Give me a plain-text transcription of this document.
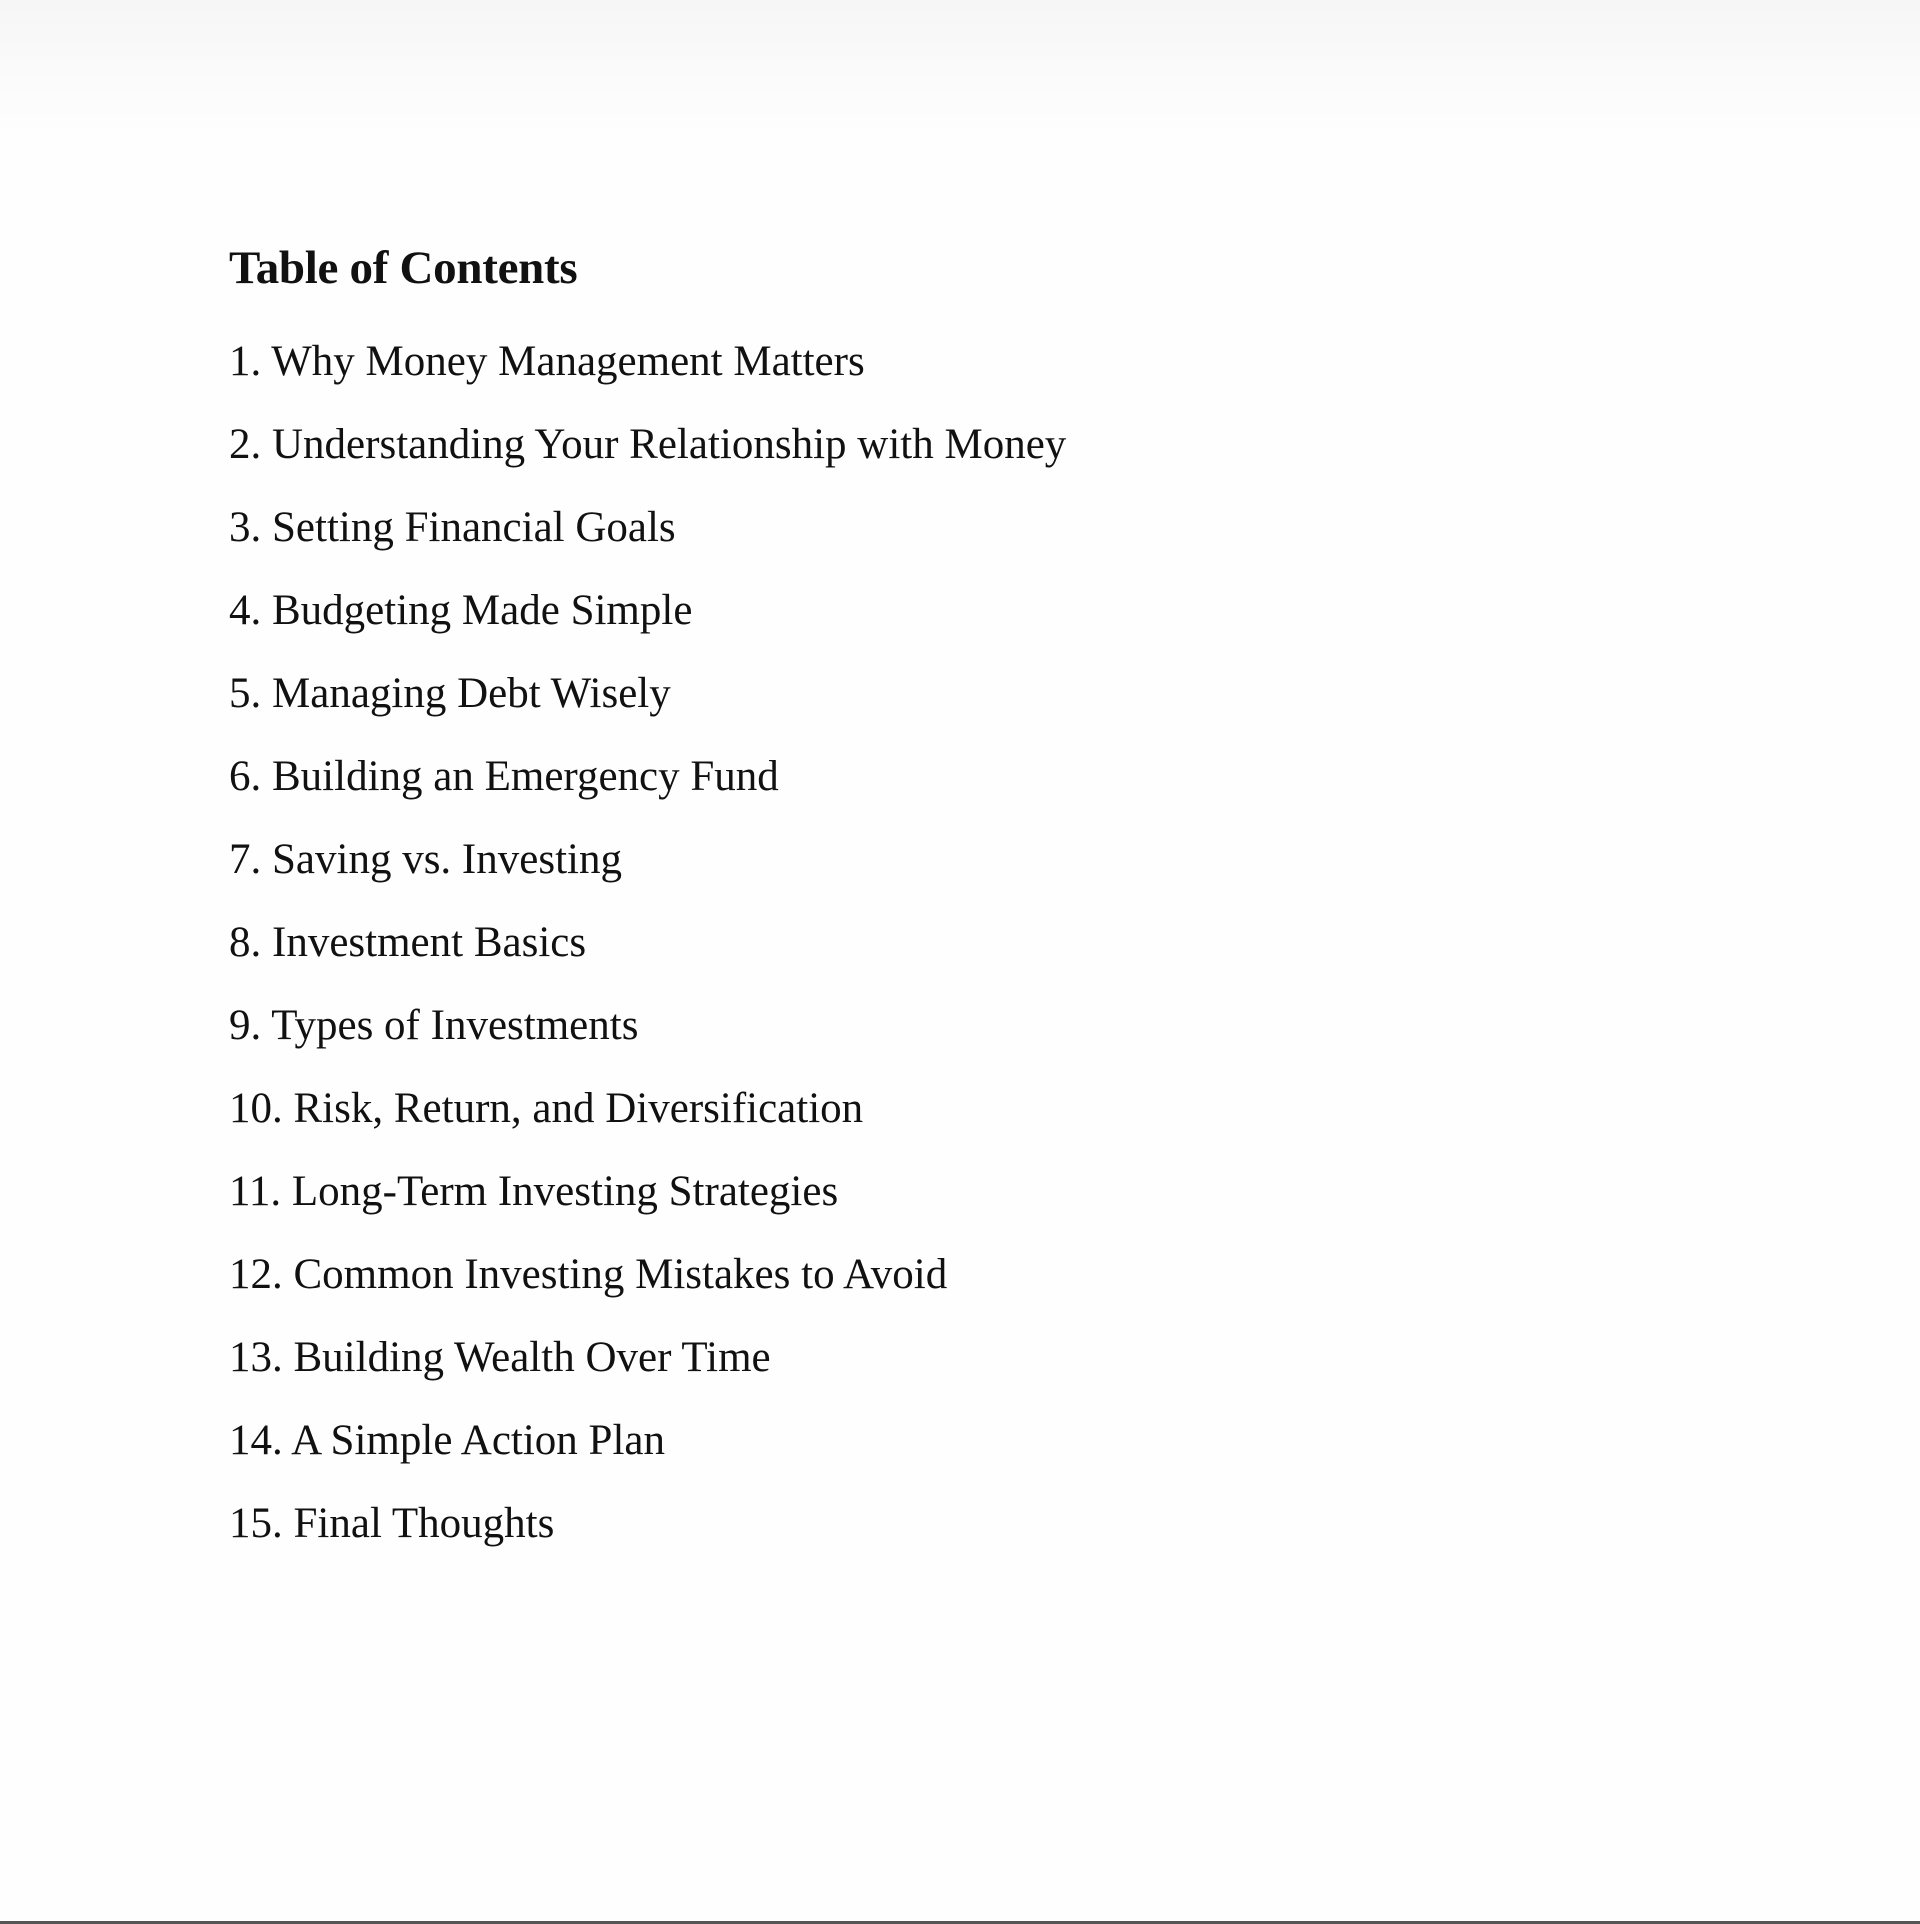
Table of Contents
1. Why Money Management Matters
2. Understanding Your Relationship with Money
3. Setting Financial Goals
4. Budgeting Made Simple
5. Managing Debt Wisely
6. Building an Emergency Fund
7. Saving vs. Investing
8. Investment Basics
9. Types of Investments
10. Risk, Return, and Diversification
11. Long-Term Investing Strategies
12. Common Investing Mistakes to Avoid
13. Building Wealth Over Time
14. A Simple Action Plan
15. Final Thoughts
